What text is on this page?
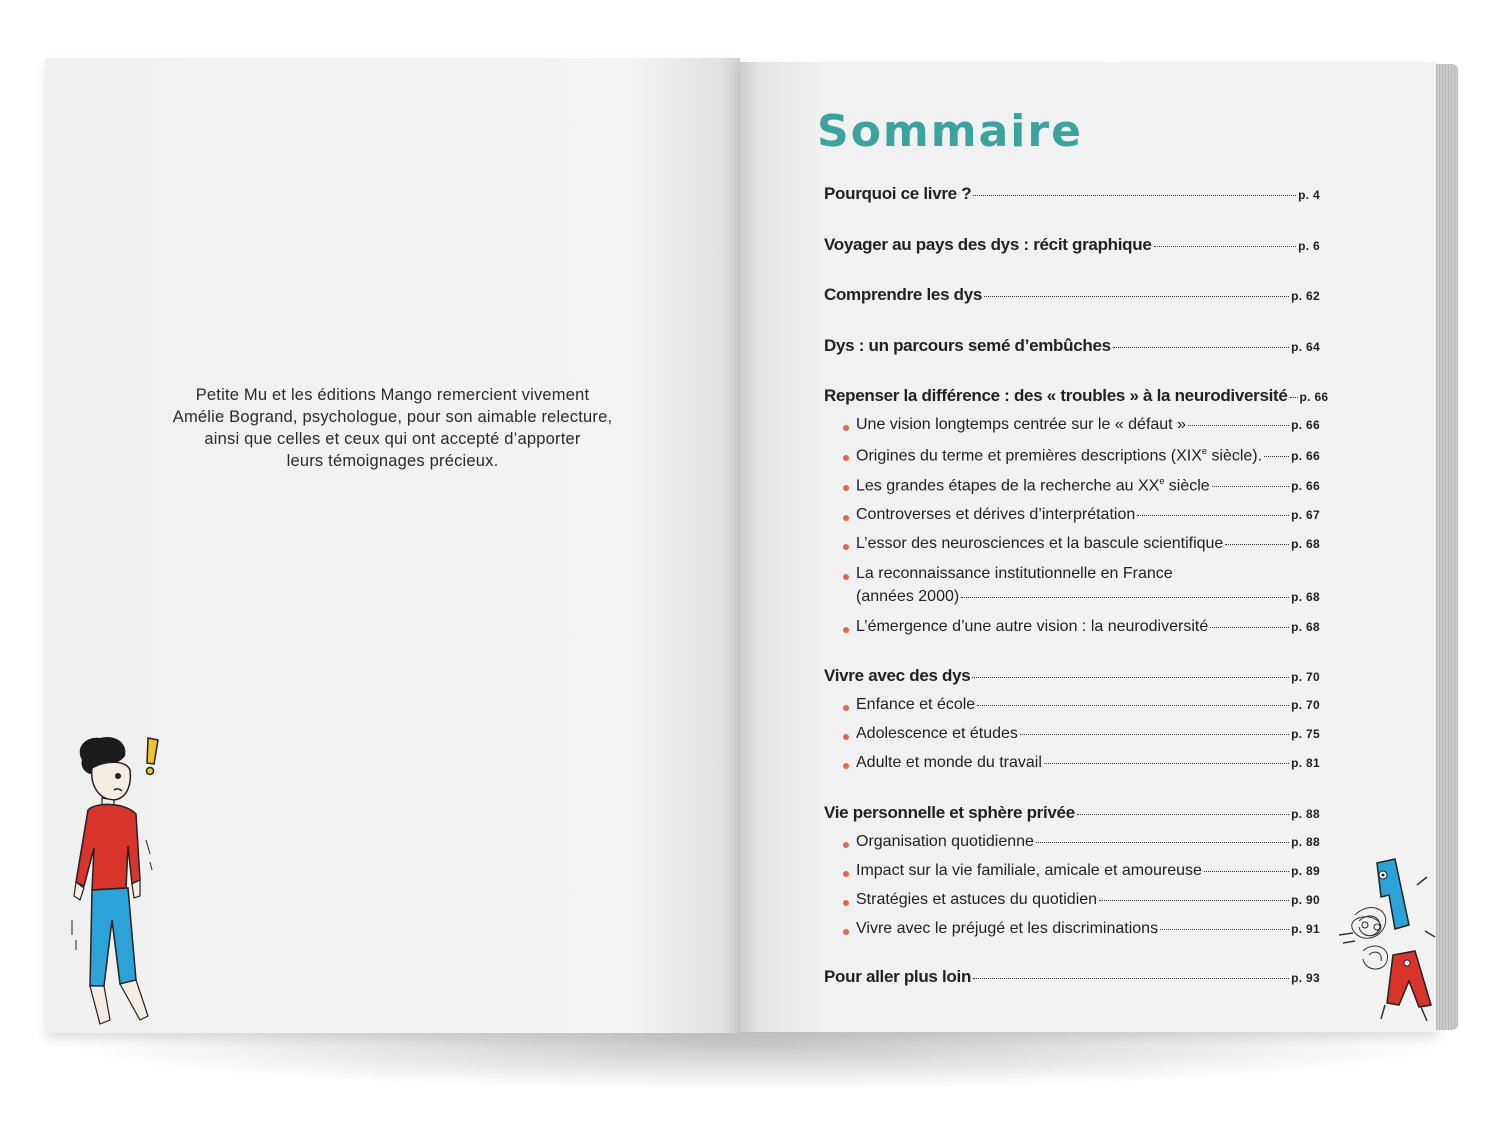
Petite Mu et les éditions Mango remercient vivement
Amélie Bogrand, psychologue, pour son aimable relecture,
ainsi que celles et ceux qui ont accepté d’apporter
leurs témoignages précieux.
Sommaire
Pourquoi ce livre ?	p. 4
Voyager au pays des dys : récit graphique	p. 6
Comprendre les dys	p. 62
Dys : un parcours semé d’embûches	p. 64
Repenser la différence : des « troubles » à la neurodiversité p. 66
Une vision longtemps centrée sur le « défaut »	p. 66
Origines du terme et premières descriptions (XIXe siècle). p. 66
Les grandes étapes de la recherche au XXe siècle	p. 66
Controverses et dérives d’interprétation	p. 67
L’essor des neurosciences et la bascule scientifique	p. 68
La reconnaissance institutionnelle en France
(années 2000)	p. 68
L’émergence d’une autre vision : la neurodiversité	p. 68
Vivre avec des dys	p. 70
Enfance et école	p. 70
Adolescence et études	p. 75
Adulte et monde du travail	p. 81
Vie personnelle et sphère privée	p. 88
Organisation quotidienne	p. 88
Impact sur la vie familiale, amicale et amoureuse	p. 89
Stratégies et astuces du quotidien	p. 90
Vivre avec le préjugé et les discriminations	p. 91
Pour aller plus loin	p. 93
